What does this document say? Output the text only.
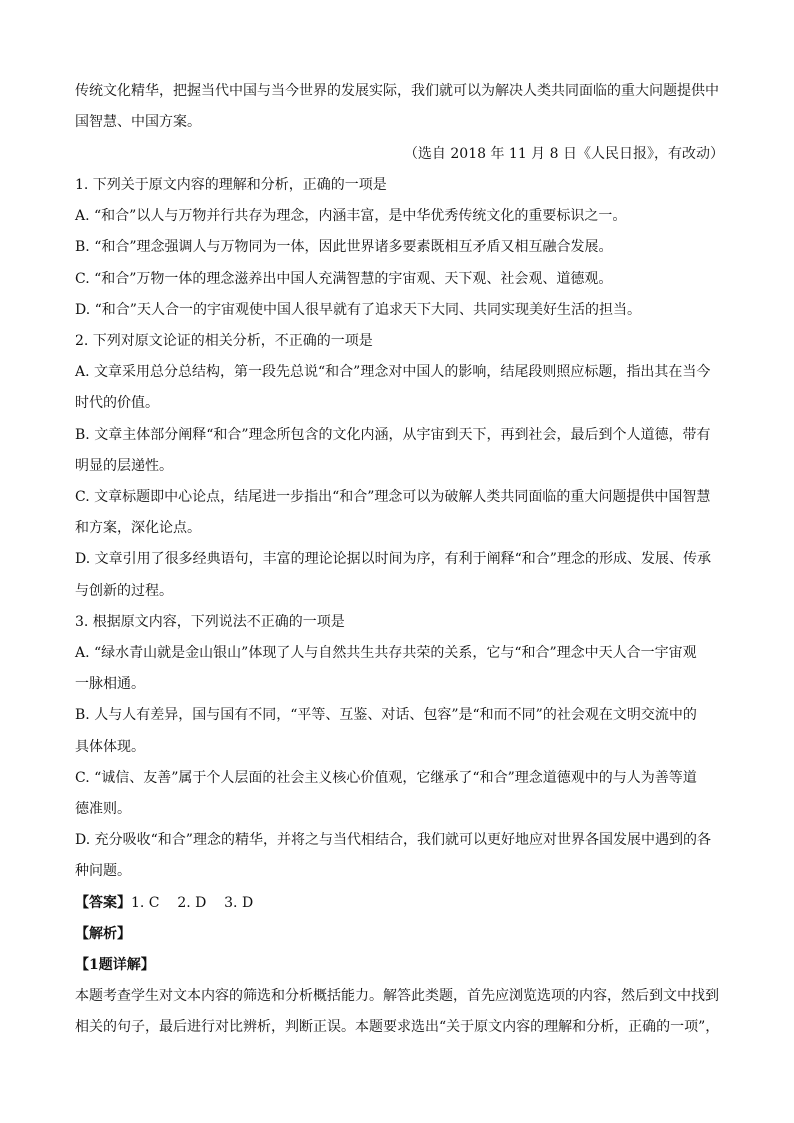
传统文化精华，把握当代中国与当今世界的发展实际，我们就可以为解决人类共同面临的重大问题提供中
国智慧、中国方案。
（选自 2018 年 11 月 8 日《人民日报》，有改动）
1. 下列关于原文内容的理解和分析，正确的一项是
A. “和合”以人与万物并行共存为理念，内涵丰富，是中华优秀传统文化的重要标识之一。
B. “和合”理念强调人与万物同为一体，因此世界诸多要素既相互矛盾又相互融合发展。
C. “和合”万物一体的理念滋养出中国人充满智慧的宇宙观、天下观、社会观、道德观。
D. “和合”天人合一的宇宙观使中国人很早就有了追求天下大同、共同实现美好生活的担当。
2. 下列对原文论证的相关分析，不正确的一项是
A. 文章采用总分总结构，第一段先总说“和合”理念对中国人的影响，结尾段则照应标题，指出其在当今
时代的价值。
B. 文章主体部分阐释“和合”理念所包含的文化内涵，从宇宙到天下，再到社会，最后到个人道德，带有
明显的层递性。
C. 文章标题即中心论点，结尾进一步指出“和合”理念可以为破解人类共同面临的重大问题提供中国智慧
和方案，深化论点。
D. 文章引用了很多经典语句，丰富的理论论据以时间为序，有利于阐释“和合”理念的形成、发展、传承
与创新的过程。
3. 根据原文内容，下列说法不正确的一项是
A. “绿水青山就是金山银山”体现了人与自然共生共存共荣的关系，它与“和合”理念中天人合一宇宙观
一脉相通。
B. 人与人有差异，国与国有不同，“平等、互鉴、对话、包容”是“和而不同”的社会观在文明交流中的
具体体现。
C. “诚信、友善”属于个人层面的社会主义核心价值观，它继承了“和合”理念道德观中的与人为善等道
德准则。
D. 充分吸收“和合”理念的精华，并将之与当代相结合，我们就可以更好地应对世界各国发展中遇到的各
种问题。
【答案】1. C    2. D    3. D
【解析】
【1题详解】
本题考查学生对文本内容的筛选和分析概括能力。解答此类题，首先应浏览选项的内容，然后到文中找到
相关的句子，最后进行对比辨析，判断正误。本题要求选出“关于原文内容的理解和分析，正确的一项”，
